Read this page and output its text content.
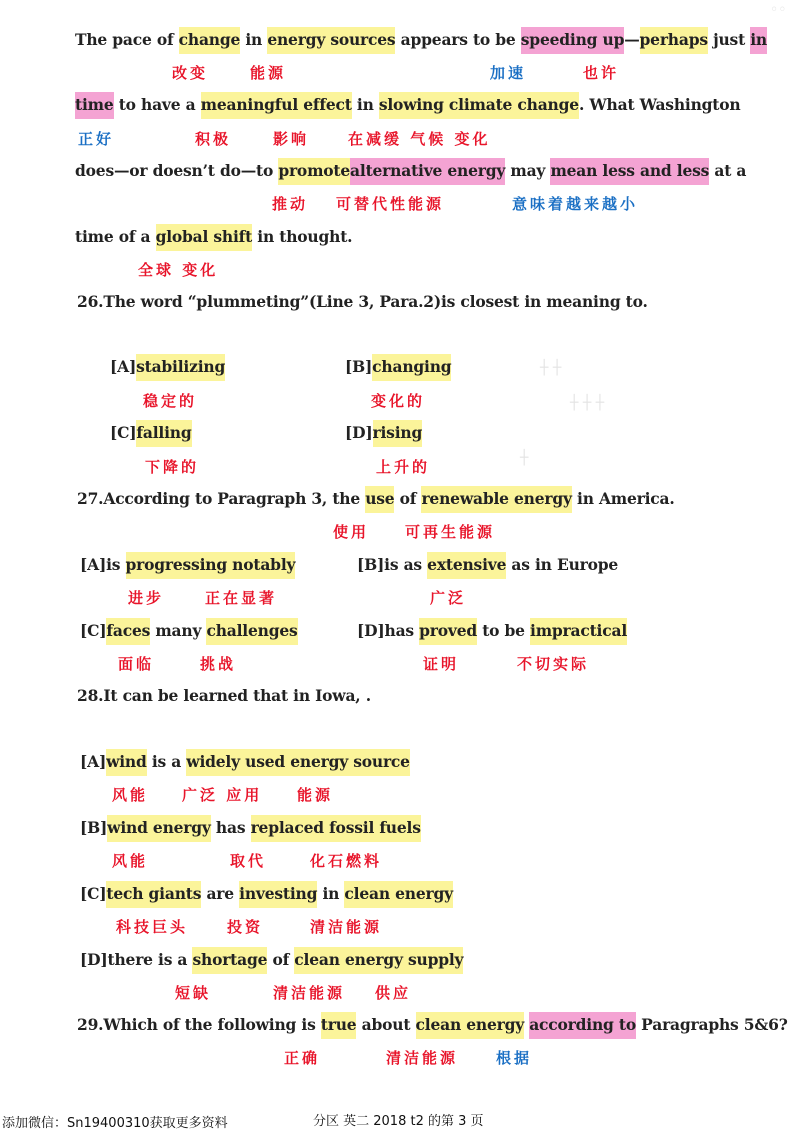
┼ ┼
┼ ┼ ┼
┼
◦◦
The pace of change in energy sources appears to be speeding up—perhaps just in
改变	能源	加速	也许
time to have a meaningful effect in slowing climate change. What Washington
正好	积极	影响	在减缓 气候 变化
does—or doesn’t do—to promotealternative energy may mean less and less at a
推动 可替代性能源	意味着越来越小
time of a global shift in thought.
全球 变化
26.The word “plummeting”(Line 3, Para.2)is closest in meaning to.
[A]stabilizing
稳定的
[B]changing
变化的
[C]falling
下降的
[D]rising
上升的
27.According to Paragraph 3, the use of renewable energy in America.
使用 可再生能源
[A]is progressing notably
进步	正在显著
[B]is as extensive as in Europe
广泛
[C]faces many challenges
面临	挑战
[D]has proved to be impractical
证明	不切实际
28.It can be learned that in Iowa, .
[A]wind is a widely used energy source
风能 广泛 应用 能源
[B]wind energy has replaced fossil fuels
风能	取代	化石燃料
[C]tech giants are investing in clean energy
科技巨头	投资	清洁能源
[D]there is a shortage of clean energy supply
短缺	清洁能源 供应
29.Which of the following is true about clean energy according to Paragraphs 5&6?
正确	清洁能源	根据
添加微信：Sn19400310获取更多资料	分区 英二 2018 t2 的第 3 页
